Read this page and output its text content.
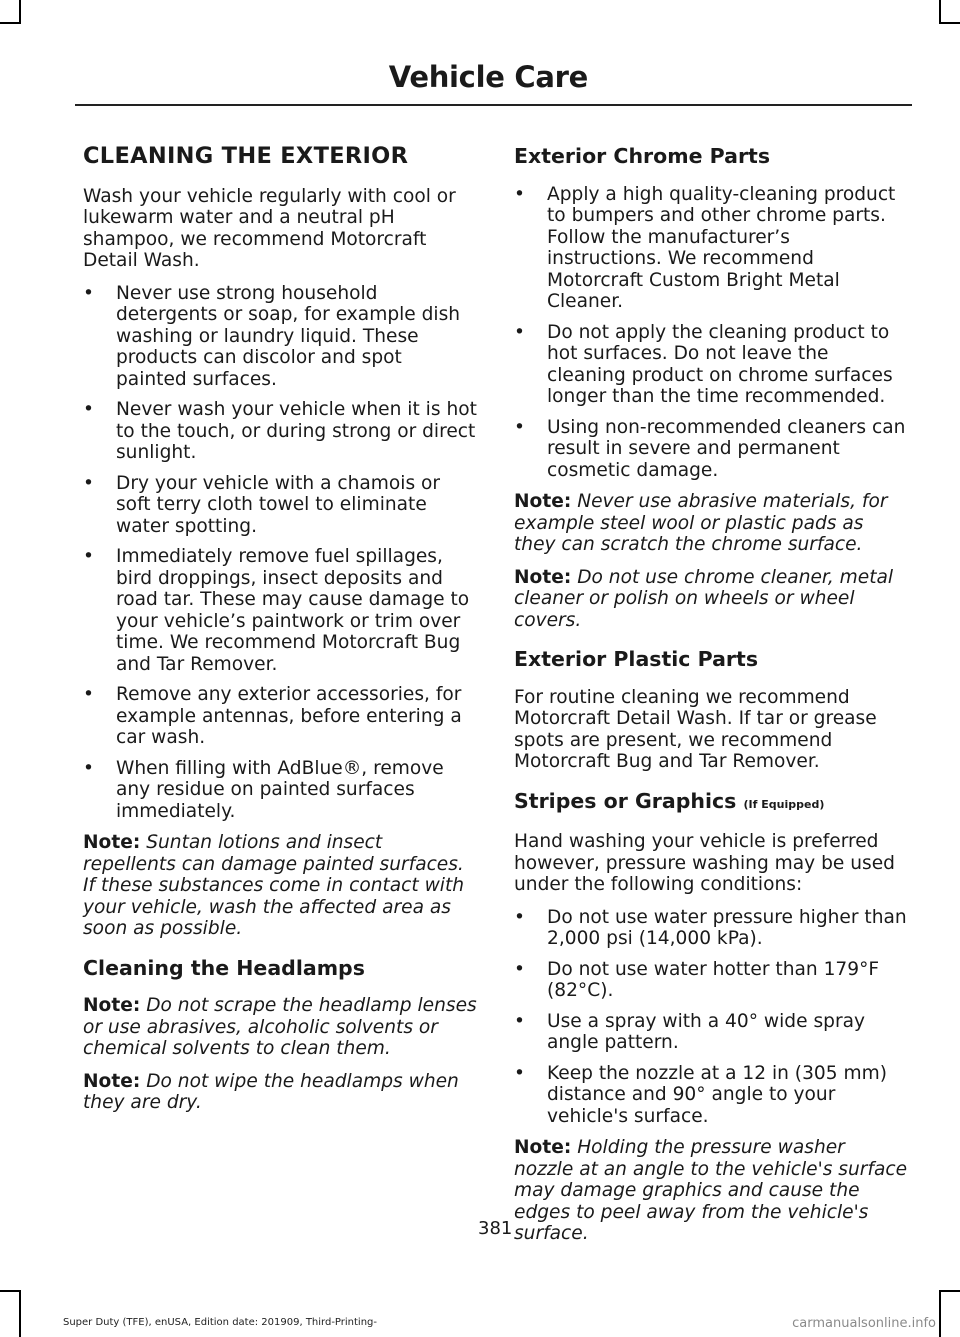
Vehicle Care
CLEANING THE EXTERIOR

Wash your vehicle regularly with cool or lukewarm water and a neutral pH shampoo, we recommend Motorcraft Detail Wash.

• Never use strong household detergents or soap, for example dish washing or laundry liquid. These products can discolor and spot painted surfaces.
• Never wash your vehicle when it is hot to the touch, or during strong or direct sunlight.
• Dry your vehicle with a chamois or soft terry cloth towel to eliminate water spotting.
• Immediately remove fuel spillages, bird droppings, insect deposits and road tar. These may cause damage to your vehicle’s paintwork or trim over time. We recommend Motorcraft Bug and Tar Remover.
• Remove any exterior accessories, for example antennas, before entering a car wash.
• When filling with AdBlue®, remove any residue on painted surfaces immediately.

Note: Suntan lotions and insect repellents can damage painted surfaces. If these substances come in contact with your vehicle, wash the affected area as soon as possible.

Cleaning the Headlamps

Note: Do not scrape the headlamp lenses or use abrasives, alcoholic solvents or chemical solvents to clean them.

Note: Do not wipe the headlamps when they are dry.

Exterior Chrome Parts
• Apply a high quality-cleaning product to bumpers and other chrome parts. Follow the manufacturer’s instructions. We recommend Motorcraft Custom Bright Metal Cleaner.
• Do not apply the cleaning product to hot surfaces. Do not leave the cleaning product on chrome surfaces longer than the time recommended.
• Using non-recommended cleaners can result in severe and permanent cosmetic damage.

Note: Never use abrasive materials, for example steel wool or plastic pads as they can scratch the chrome surface.

Note: Do not use chrome cleaner, metal cleaner or polish on wheels or wheel covers.

Exterior Plastic Parts

For routine cleaning we recommend Motorcraft Detail Wash. If tar or grease spots are present, we recommend Motorcraft Bug and Tar Remover.

Stripes or Graphics (If Equipped)

Hand washing your vehicle is preferred however, pressure washing may be used under the following conditions:

• Do not use water pressure higher than 2,000 psi (14,000 kPa).
• Do not use water hotter than 179°F (82°C).
• Use a spray with a 40° wide spray angle pattern.
• Keep the nozzle at a 12 in (305 mm) distance and 90° angle to your vehicle's surface.

Note: Holding the pressure washer nozzle at an angle to the vehicle's surface may damage graphics and cause the edges to peel away from the vehicle's surface.

381
Super Duty (TFE), enUSA, Edition date: 201909, Third-Printing-	carmanualsonline.info
